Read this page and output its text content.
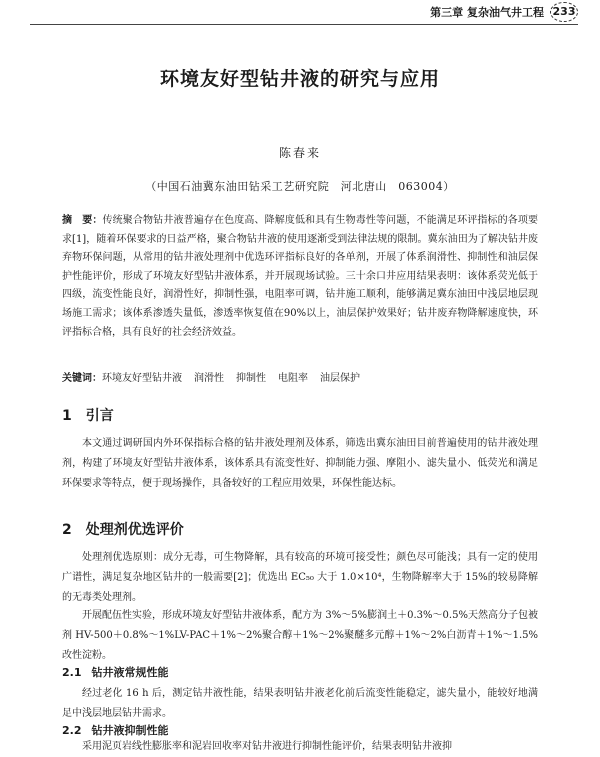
第三章 复杂油气井工程 233
环境友好型钻井液的研究与应用
陈春来
（中国石油冀东油田钻采工艺研究院　河北唐山　063004）
摘　要：传统聚合物钻井液普遍存在色度高、降解度低和具有生物毒性等问题，不能满足环评指标的各项要求[1]，随着环保要求的日益严格，聚合物钻井液的使用逐渐受到法律法规的限制。冀东油田为了解决钻井废弃物环保问题，从常用的钻井液处理剂中优选环评指标良好的各单剂，开展了体系润滑性、抑制性和油层保护性能评价，形成了环境友好型钻井液体系，并开展现场试验。三十余口井应用结果表明：该体系荧光低于四级，流变性能良好，润滑性好，抑制性强，电阻率可调，钻井施工顺利，能够满足冀东油田中浅层地层现场施工需求；该体系渗透失量低，渗透率恢复值在90%以上，油层保护效果好；钻井废弃物降解速度快，环评指标合格，具有良好的社会经济效益。
关键词：环境友好型钻井液 润滑性 抑制性 电阻率 油层保护
1 引言
本文通过调研国内外环保指标合格的钻井液处理剂及体系，筛选出冀东油田目前普遍使用的钻井液处理剂，构建了环境友好型钻井液体系，该体系具有流变性好、抑制能力强、摩阻小、滤失量小、低荧光和满足环保要求等特点，便于现场操作，具备较好的工程应用效果，环保性能达标。
2 处理剂优选评价
处理剂优选原则：成分无毒，可生物降解，具有较高的环境可接受性；颜色尽可能浅；具有一定的使用广谱性，满足复杂地区钻井的一般需要[2]；优选出 EC₅₀ 大于 1.0×10⁴，生物降解率大于 15%的较易降解的无毒类处理剂。
开展配伍性实验，形成环境友好型钻井液体系，配方为 3%～5%膨润土＋0.3%～0.5%天然高分子包被剂 HV-500＋0.8%～1%LV-PAC＋1%～2%聚合醇＋1%～2%聚醚多元醇＋1%～2%白沥青＋1%～1.5%改性淀粉。
2.1 钻井液常规性能
经过老化 16 h 后，测定钻井液性能，结果表明钻井液老化前后流变性能稳定，滤失量小，能较好地满足中浅层地层钻井需求。
2.2 钻井液抑制性能
采用泥页岩线性膨胀率和泥岩回收率对钻井液进行抑制性能评价，结果表明钻井液抑
